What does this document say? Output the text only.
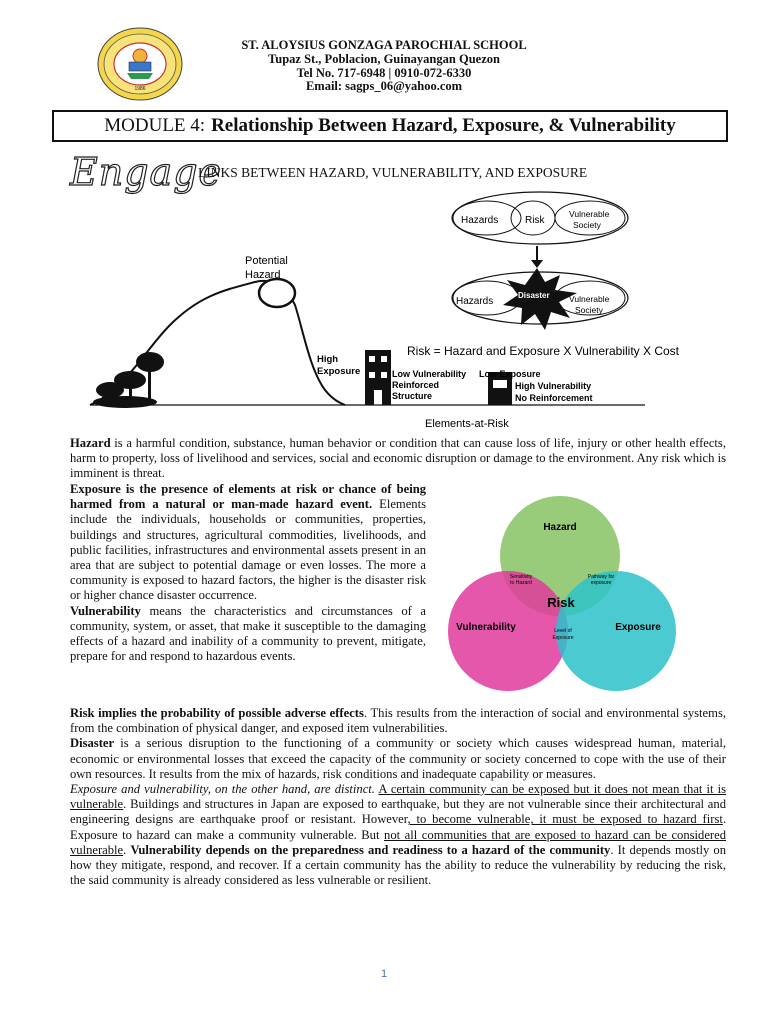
1986
ST. ALOYSIUS GONZAGA PAROCHIAL SCHOOL
Tupaz St., Poblacion, Guinayangan Quezon
Tel No. 717-6948 | 0910-072-6330
Email: sagps_06@yahoo.com
MODULE 4: Relationship Between Hazard, Exposure, & Vulnerability
Engage
LINKS BETWEEN HAZARD, VULNERABILITY, AND EXPOSURE
Potential
Hazard
High
Exposure	Low Vulnerability
Reinforced
Structure
Low Exposure
High Vulnerability
No Reinforcement
Risk = Hazard and Exposure X Vulnerability X Cost
Elements-at-Risk
Hazards	Risk
Vulnerable
Society
Hazards
Disaster Vulnerable
Society
Hazard
Vulnerability	Exposure
Risk
Sensitivity
to Hazard
Pathway for
exposure
Level of
Exposure

Hazard is a harmful condition, substance, human behavior or condition that can cause loss of life, injury or other health effects, harm to property, loss of livelihood and services, social and economic disruption or damage to the environment. Any risk which is imminent is threat.

Exposure is the presence of elements at risk or chance of being harmed from a natural or man-made hazard event. Elements include the individuals, households or communities, properties, buildings and structures, agricultural commodities, livelihoods, and public facilities, infrastructures and environmental assets present in an area that are subject to potential damage or even losses. The more a community is exposed to hazard factors, the higher is the disaster risk or higher chance disaster occurrence.

Vulnerability means the characteristics and circumstances of a community, system, or asset, that make it susceptible to the damaging effects of a hazard and inability of a community to prevent, mitigate, prepare for and respond to hazardous events.

Risk implies the probability of possible adverse effects. This results from the interaction of social and environmental systems, from the combination of physical danger, and exposed item vulnerabilities.

Disaster is a serious disruption to the functioning of a community or society which causes widespread human, material, economic or environmental losses that exceed the capacity of the community or society concerned to cope with the use of their own resources. It results from the mix of hazards, risk conditions and inadequate capability or measures.

Exposure and vulnerability, on the other hand, are distinct. A certain community can be exposed but it does not mean that it is vulnerable. Buildings and structures in Japan are exposed to earthquake, but they are not vulnerable since their architectural and engineering designs are earthquake proof or resistant. However, to become vulnerable, it must be exposed to hazard first. Exposure to hazard can make a community vulnerable. But not all communities that are exposed to hazard can be considered vulnerable. Vulnerability depends on the preparedness and readiness to a hazard of the community. It depends mostly on how they mitigate, respond, and recover. If a certain community has the ability to reduce the vulnerability by reducing the risk, the said community is already considered as less vulnerable or resilient.

1
